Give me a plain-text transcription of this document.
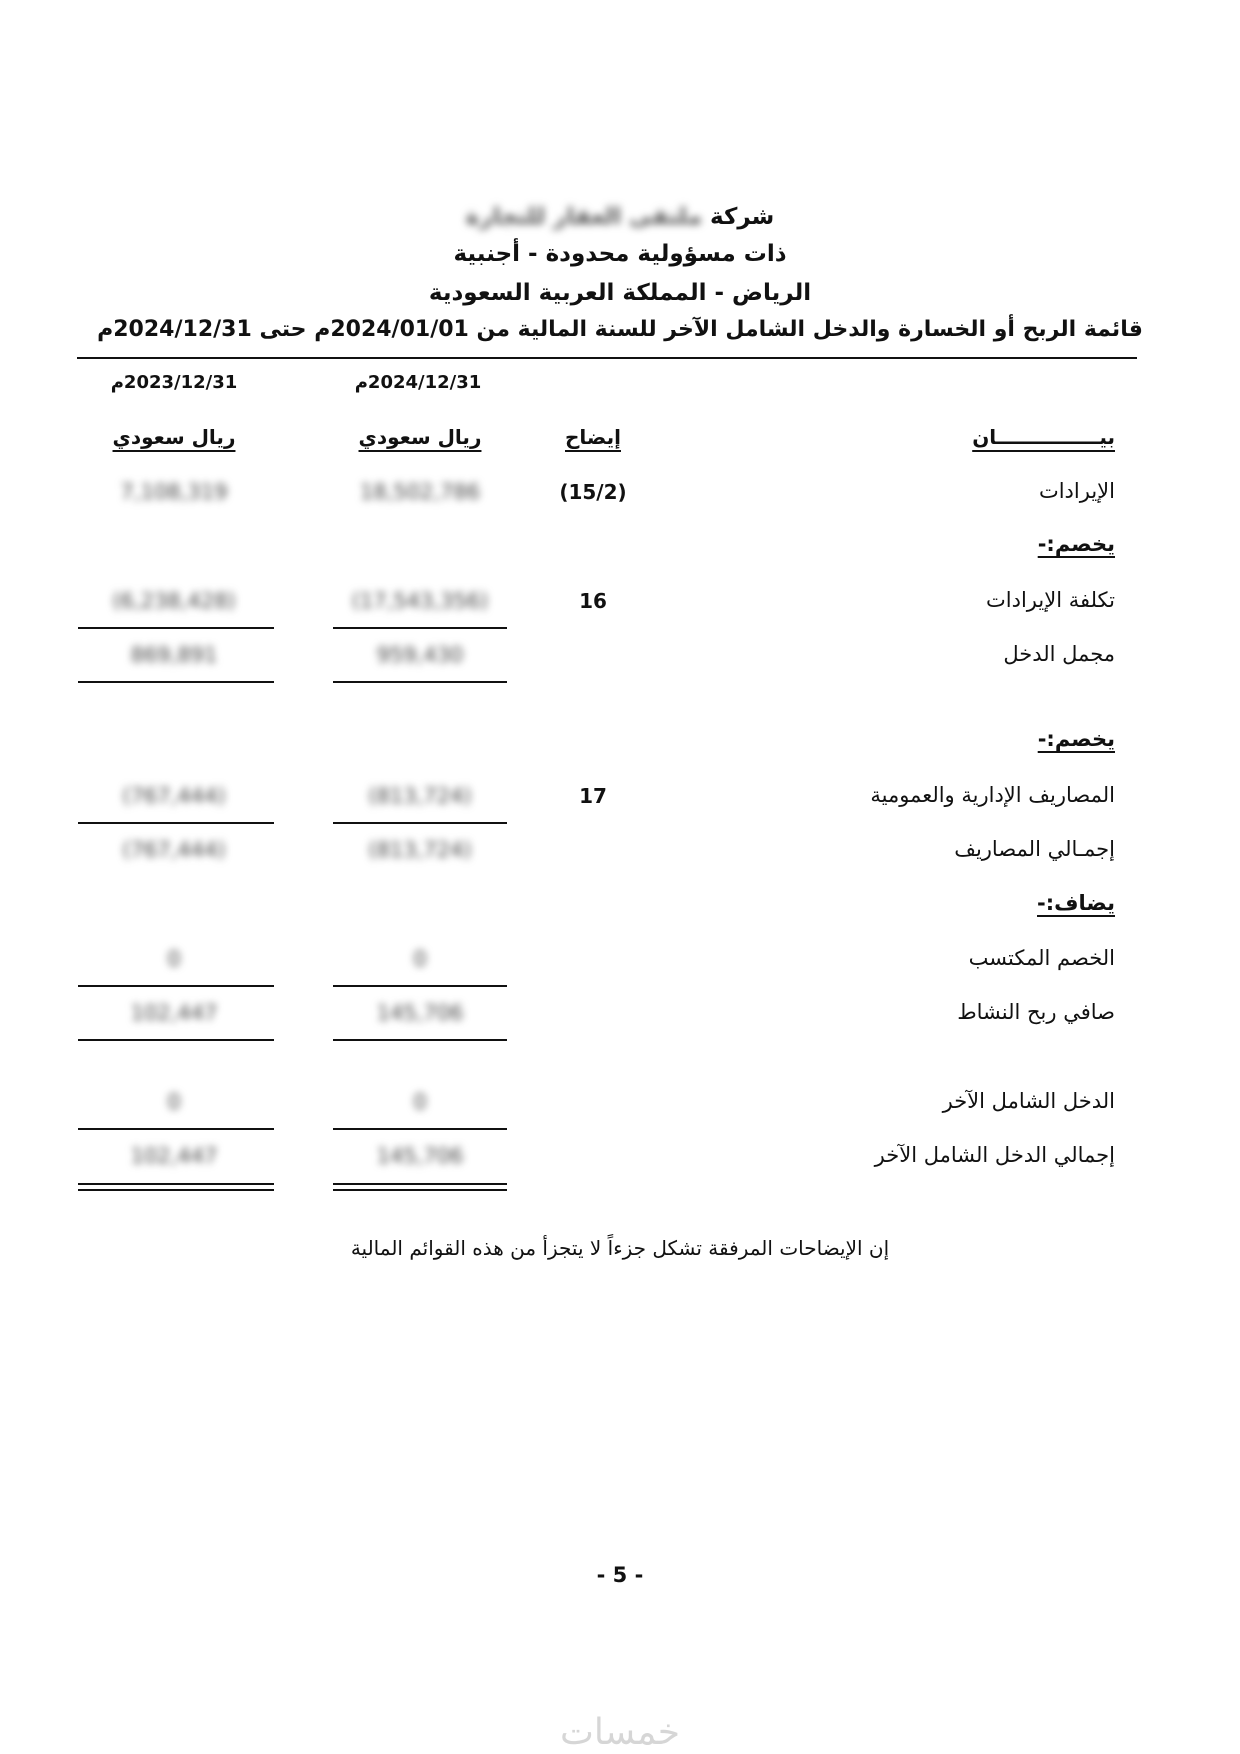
شركة ملتقى العقار للتجارة
ذات مسؤولية محدودة - أجنبية
الرياض - المملكة العربية السعودية
قائمة الربح أو الخسارة والدخل الشامل الآخر للسنة المالية من 2024/01/01م حتى 2024/12/31م
2024/12/31م
2023/12/31م
بيـــــــــــــــان
إيضاح
ريال سعودي
ريال سعودي
الإيرادات
(15/2)
18,502,786
7,108,319
يخصم:-
تكلفة الإيرادات
16
(17,543,356)
(6,238,428)
مجمل الدخل
959,430
869,891
يخصم:-
المصاريف الإدارية والعمومية
17
(813,724)
(767,444)
إجمـالي المصاريف
(813,724)
(767,444)
يضاف:-
الخصم المكتسب
0
0
صافي ربح النشاط
145,706
102,447
الدخل الشامل الآخر
0
0
إجمالي الدخل الشامل الآخر
145,706
102,447
إن الإيضاحات المرفقة تشكل جزءاً لا يتجزأ من هذه القوائم المالية
- 5 -
خمسات
